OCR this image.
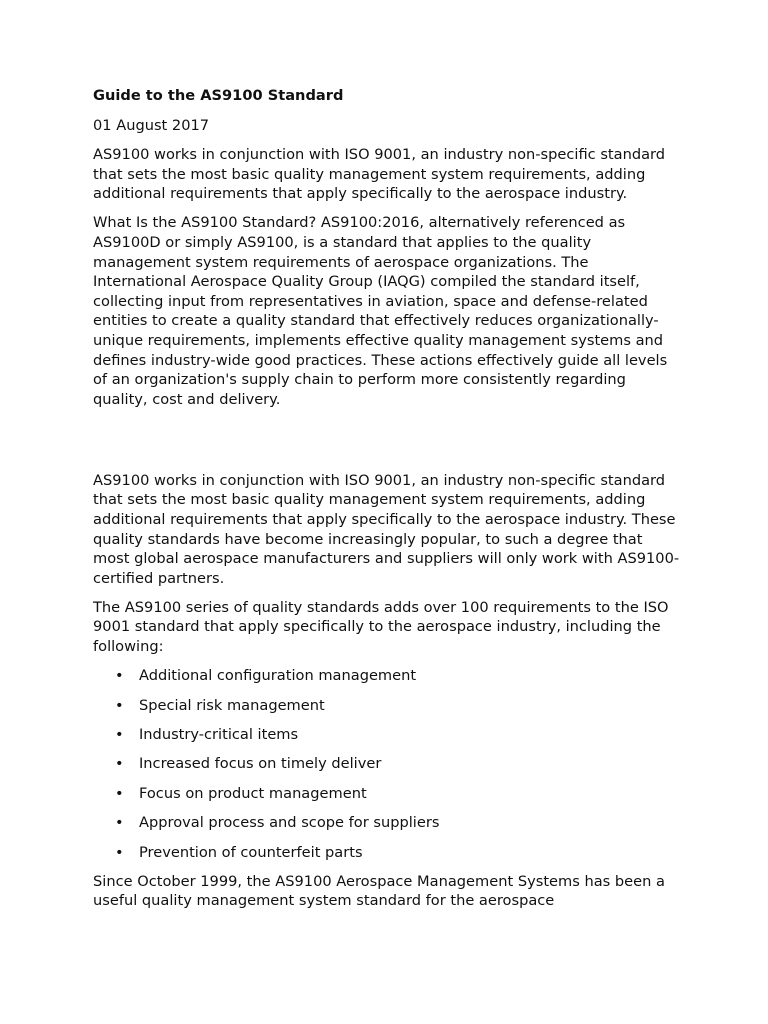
Guide to the AS9100 Standard

01 August 2017

AS9100 works in conjunction with ISO 9001, an industry non-specific standard that sets the most basic quality management system requirements, adding additional requirements that apply specifically to the aerospace industry.

What Is the AS9100 Standard? AS9100:2016, alternatively referenced as AS9100D or simply AS9100, is a standard that applies to the quality management system requirements of aerospace organizations. The International Aerospace Quality Group (IAQG) compiled the standard itself, collecting input from representatives in aviation, space and defense-related entities to create a quality standard that effectively reduces organizationally-unique requirements, implements effective quality management systems and defines industry-wide good practices. These actions effectively guide all levels of an organization's supply chain to perform more consistently regarding quality, cost and delivery.

AS9100 works in conjunction with ISO 9001, an industry non-specific standard that sets the most basic quality management system requirements, adding additional requirements that apply specifically to the aerospace industry. These quality standards have become increasingly popular, to such a degree that most global aerospace manufacturers and suppliers will only work with AS9100-certified partners.

The AS9100 series of quality standards adds over 100 requirements to the ISO 9001 standard that apply specifically to the aerospace industry, including the following:

• Additional configuration management
• Special risk management
• Industry-critical items
• Increased focus on timely deliver
• Focus on product management
• Approval process and scope for suppliers
• Prevention of counterfeit parts

Since October 1999, the AS9100 Aerospace Management Systems has been a useful quality management system standard for the aerospace
